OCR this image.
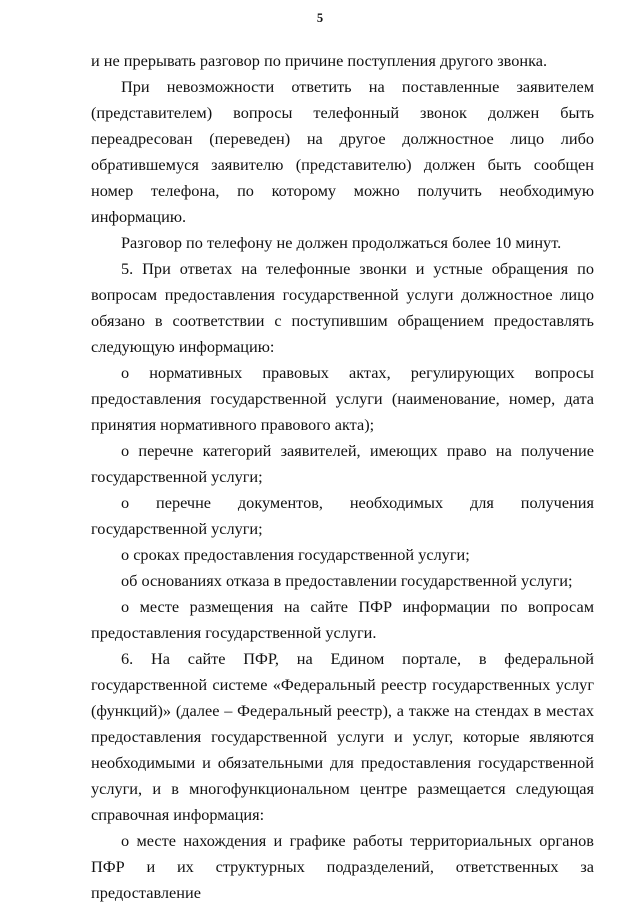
5

и не прерывать разговор по причине поступления другого звонка.

При невозможности ответить на поставленные заявителем (представителем) вопросы телефонный звонок должен быть переадресован (переведен) на другое должностное лицо либо обратившемуся заявителю (представителю) должен быть сообщен номер телефона, по которому можно получить необходимую информацию.

Разговор по телефону не должен продолжаться более 10 минут.

5. При ответах на телефонные звонки и устные обращения по вопросам предоставления государственной услуги должностное лицо обязано в соответствии с поступившим обращением предоставлять следующую информацию:

о нормативных правовых актах, регулирующих вопросы предоставления государственной услуги (наименование, номер, дата принятия нормативного правового акта);

о перечне категорий заявителей, имеющих право на получение государственной услуги;

о перечне документов, необходимых для получения государственной услуги;

о сроках предоставления государственной услуги;

об основаниях отказа в предоставлении государственной услуги;

о месте размещения на сайте ПФР информации по вопросам предоставления государственной услуги.

6. На сайте ПФР, на Едином портале, в федеральной государственной системе «Федеральный реестр государственных услуг (функций)» (далее – Федеральный реестр), а также на стендах в местах предоставления государственной услуги и услуг, которые являются необходимыми и обязательными для предоставления государственной услуги, и в многофункциональном центре размещается следующая справочная информация:

о месте нахождения и графике работы территориальных органов ПФР и их структурных подразделений, ответственных за предоставление
